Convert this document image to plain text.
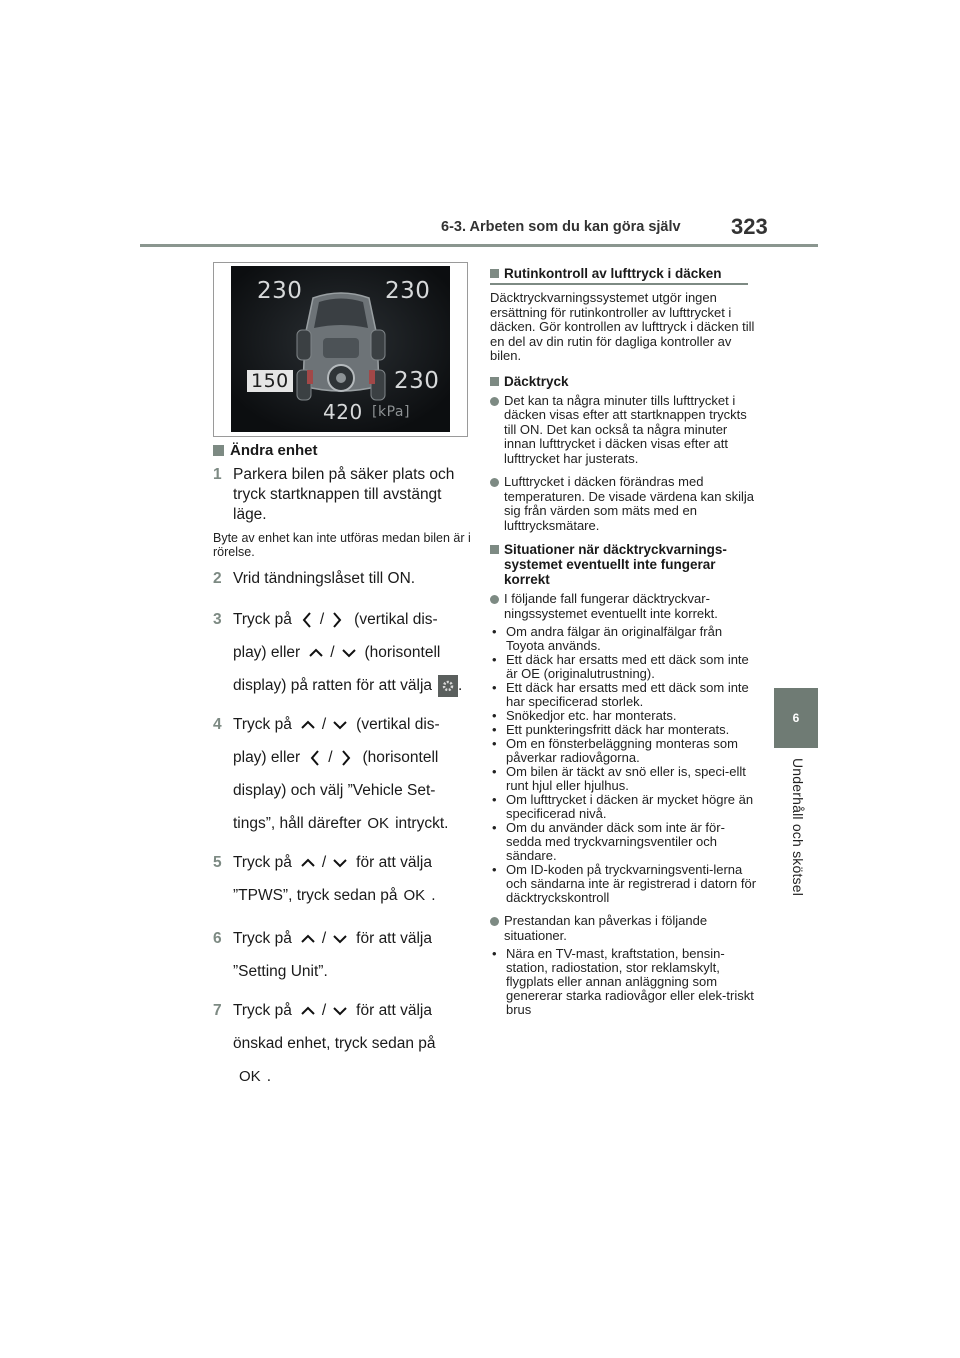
6-3. Arbeten som du kan göra själv 323
6
Underhåll och skötsel
230	230
150	230
420 [kPa]
Ändra enhet
1 Parkera bilen på säker plats och tryck startknappen till avstängt läge.
Byte av enhet kan inte utföras medan bilen är i rörelse.
2 Vrid tändningslåset till ON.
3 Tryck på / (vertikal dis-
play) eller / (horisontell
display) på ratten för att välja .
4 Tryck på / (vertikal dis-
play) eller / (horisontell
display) och välj ”Vehicle Set-
tings”, håll därefter OK intryckt.
5 Tryck på / för att välja
”TPWS”, tryck sedan på OK .
6 Tryck på / för att välja
”Setting Unit”.
7 Tryck på / för att välja
önskad enhet, tryck sedan på
OK .
Rutinkontroll av lufttryck i däcken

Däcktryckvarningssystemet utgör ingen ersättning för rutinkontroller av lufttrycket i däcken. Gör kontrollen av lufttryck i däcken till en del av din rutin för dagliga kontroller av bilen.

Däcktryck
Det kan ta några minuter tills lufttrycket i däcken visas efter att startknappen tryckts till ON. Det kan också ta några minuter innan lufttrycket i däcken visas efter att lufttrycket har justerats.
Lufttrycket i däcken förändras med temperaturen. De visade värdena kan skilja sig från värden som mäts med en lufttrycksmätare.
Situationer när däcktryckvarnings-systemet eventuellt inte fungerar korrekt
I följande fall fungerar däcktryckvar-ningssystemet eventuellt inte korrekt.
• Om andra fälgar än originalfälgar från Toyota används.
• Ett däck har ersatts med ett däck som inte är OE (originalutrustning).
• Ett däck har ersatts med ett däck som inte har specificerad storlek.
• Snökedjor etc. har monterats.
• Ett punkteringsfritt däck har monterats.
• Om en fönsterbeläggning monteras som påverkar radiovågorna.
• Om bilen är täckt av snö eller is, speci-ellt runt hjul eller hjulhus.
• Om lufttrycket i däcken är mycket högre än specificerad nivå.
• Om du använder däck som inte är för-sedda med tryckvarningsventiler och sändare.
• Om ID-koden på tryckvarningsventi-lerna och sändarna inte är registrerad i datorn för däcktryckskontroll
Prestandan kan påverkas i följande situationer.
• Nära en TV-mast, kraftstation, bensin-station, radiostation, stor reklamskylt, flygplats eller annan anläggning som genererar starka radiovågor eller elek-triskt brus
